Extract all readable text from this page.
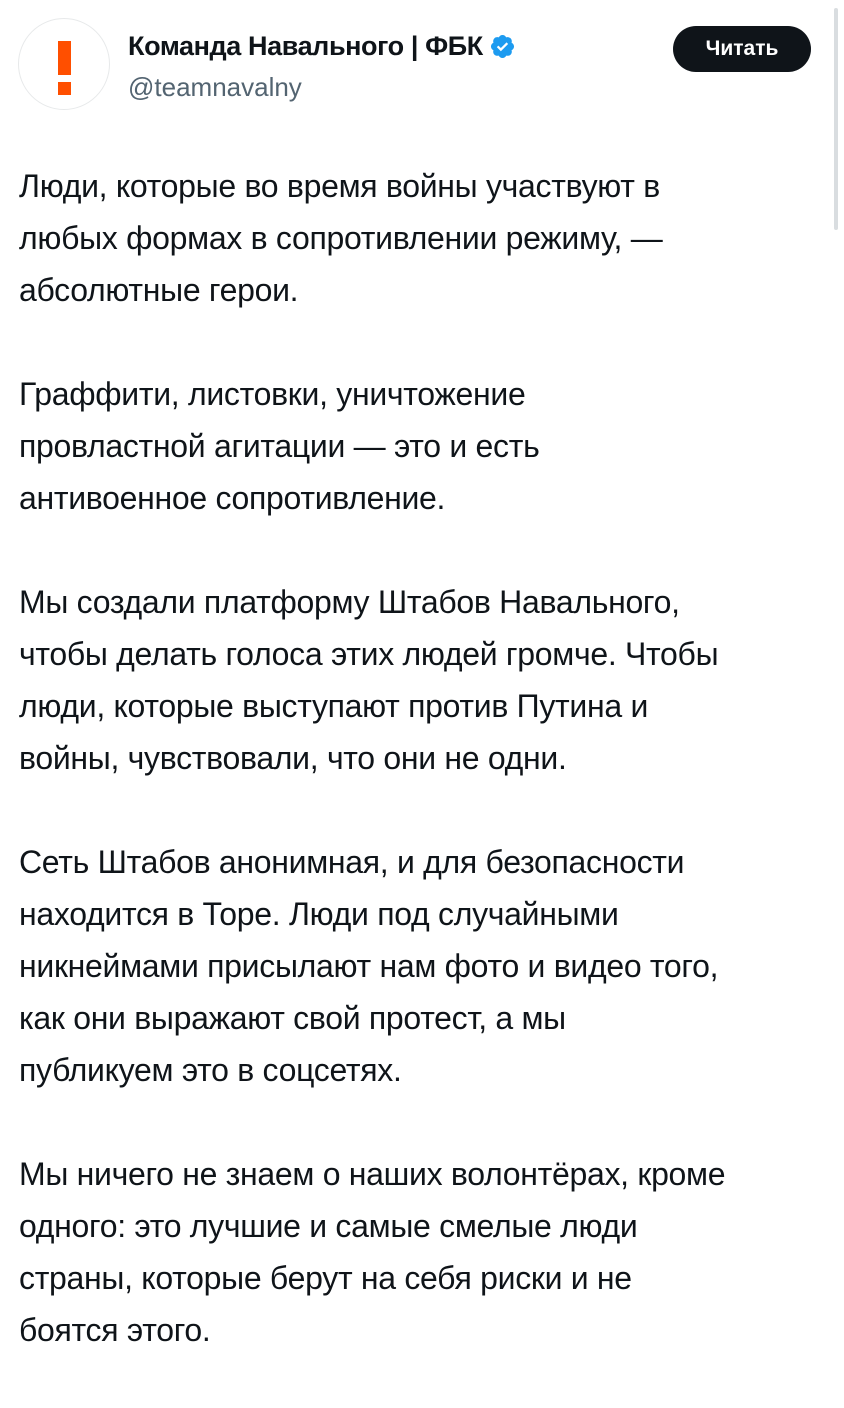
Команда Навального | ФБК
@teamnavalny
Читать

Люди, которые во время войны участвуют в
любых формах в сопротивлении режиму, —
абсолютные герои.

Граффити, листовки, уничтожение
провластной агитации — это и есть
антивоенное сопротивление.

Мы создали платформу Штабов Навального,
чтобы делать голоса этих людей громче. Чтобы
люди, которые выступают против Путина и
войны, чувствовали, что они не одни.

Сеть Штабов анонимная, и для безопасности
находится в Торе. Люди под случайными
никнеймами присылают нам фото и видео того,
как они выражают свой протест, а мы
публикуем это в соцсетях.

Мы ничего не знаем о наших волонтёрах, кроме
одного: это лучшие и самые смелые люди
страны, которые берут на себя риски и не
боятся этого.
